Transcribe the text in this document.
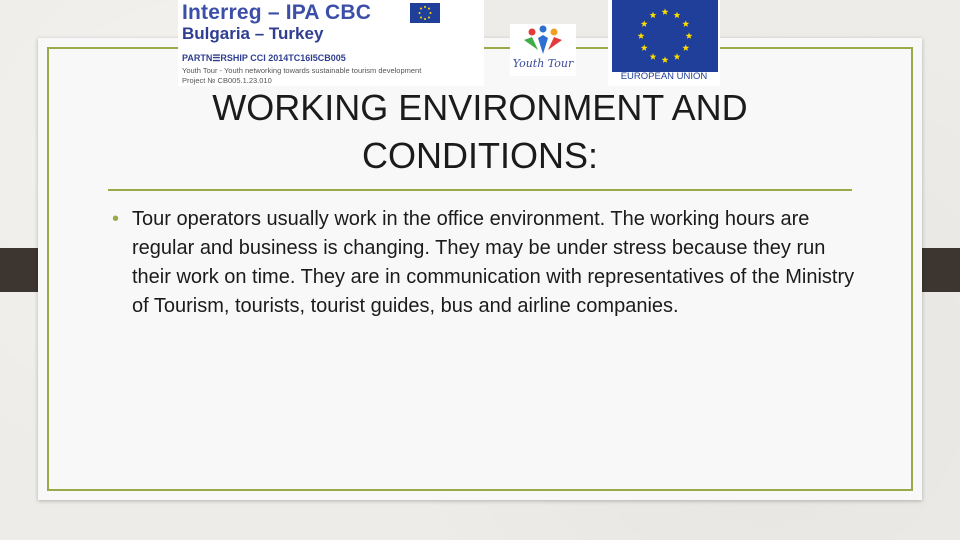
Interreg – IPA CBC
Bulgaria – Turkey
PARTN☰RSHIP CCI 2014TC16I5CB005
Youth Tour - Youth networking towards sustainable tourism development
Project № CB005.1.23.010
Youth Tour
EUROPEAN UNION
WORKING ENVIRONMENT AND
CONDITIONS:
• Tour operators usually work in the office environment. The working hours are regular and business is changing. They may be under stress because they run their work on time. They are in communication with representatives of the Ministry of Tourism, tourists, tourist guides, bus and airline companies.
